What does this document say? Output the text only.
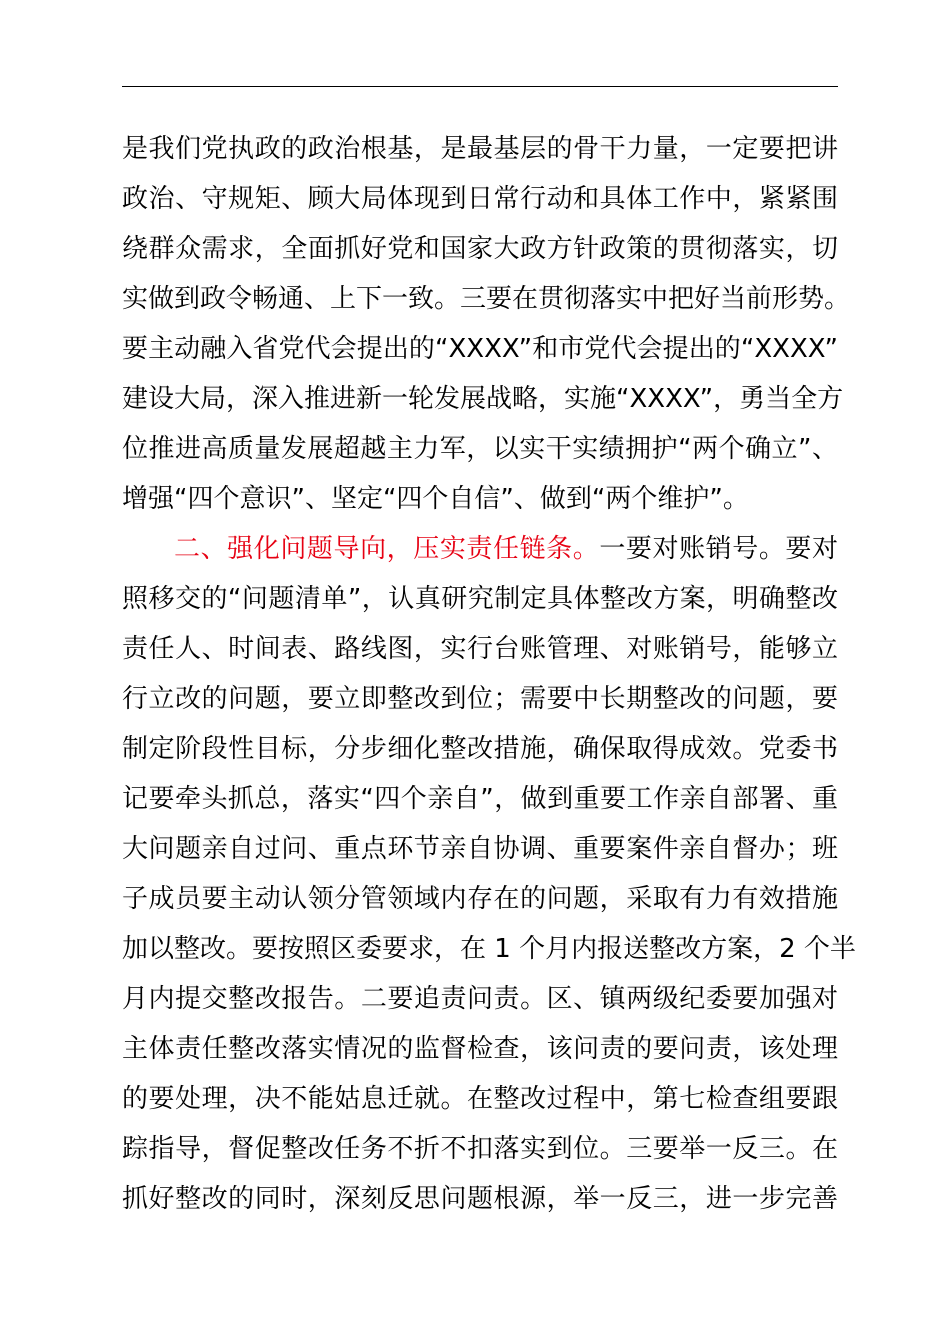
是我们党执政的政治根基，是最基层的骨干力量，一定要把讲
政治、守规矩、顾大局体现到日常行动和具体工作中，紧紧围
绕群众需求，全面抓好党和国家大政方针政策的贯彻落实，切
实做到政令畅通、上下一致。三要在贯彻落实中把好当前形势。
要主动融入省党代会提出的“XXXX”和市党代会提出的“XXXX”
建设大局，深入推进新一轮发展战略，实施“XXXX”，勇当全方
位推进高质量发展超越主力军，以实干实绩拥护“两个确立”、
增强“四个意识”、坚定“四个自信”、做到“两个维护”。

二、强化问题导向，压实责任链条。一要对账销号。要对
照移交的“问题清单”，认真研究制定具体整改方案，明确整改
责任人、时间表、路线图，实行台账管理、对账销号，能够立
行立改的问题，要立即整改到位；需要中长期整改的问题，要
制定阶段性目标，分步细化整改措施，确保取得成效。党委书
记要牵头抓总，落实“四个亲自”，做到重要工作亲自部署、重
大问题亲自过问、重点环节亲自协调、重要案件亲自督办；班
子成员要主动认领分管领域内存在的问题，采取有力有效措施
加以整改。要按照区委要求，在 1 个月内报送整改方案，2 个半
月内提交整改报告。二要追责问责。区、镇两级纪委要加强对
主体责任整改落实情况的监督检查，该问责的要问责，该处理
的要处理，决不能姑息迁就。在整改过程中，第七检查组要跟
踪指导，督促整改任务不折不扣落实到位。三要举一反三。在
抓好整改的同时，深刻反思问题根源，举一反三，进一步完善
